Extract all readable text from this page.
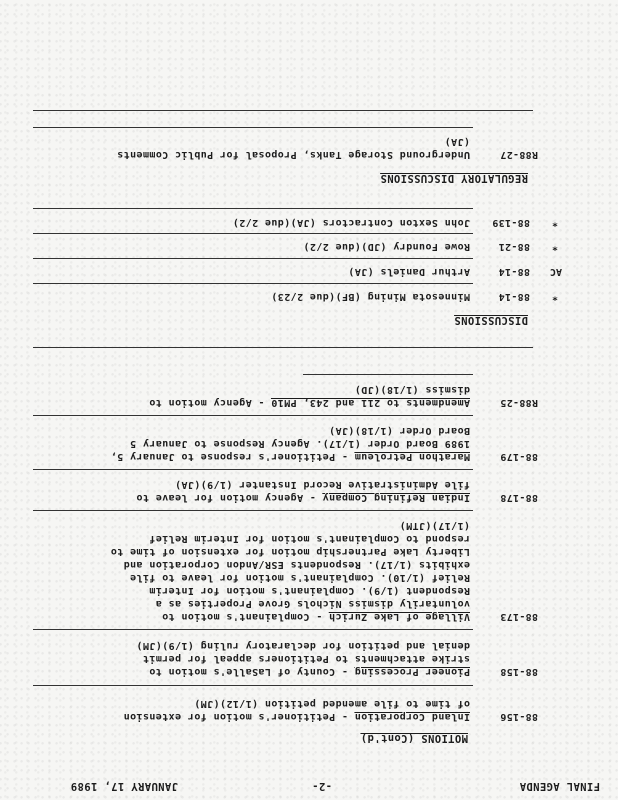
FINAL AGENDA
-2-
JANUARY 17, 1989
MOTIONS (Cont'd)
88-156
Inland Corporation - Petitioner's motion for extension
of time to file amended petition (1/12)(JM)
88-158
Pioneer Processing - County of LaSalle's motion to
strike attachments to Petitioners appeal for permit
denial and petition for declaratory ruling (1/9)(JM)
88-173
Village of Lake Zurich - Complainant's motion to
voluntarily dismiss Nichols Grove Properties as a
Respondent (1/9). Complainant's motion for Interim
Relief (1/10). Complainant's motion for leave to file
exhibits (1/17). Respondents ESR/Andon Corporation and
Liberty Lake Partnership motion for extension of time to
respond to Complainant's motion for Interim Relief
(1/17)(JTM)
88-178
Indian Refining Company - Agency motion for leave to
file Administrative Record Instanter (1/9)(JA)
88-179
Marathon Petroleum - Petitioner's response to January 5,
1989 Board Order (1/17). Agency Response to January 5
Board Order (1/18)(JA)
R88-25
Amendments to 211 and 243, PM10 - Agency motion to
dismiss (1/18)(JD)
DISCUSSIONS
*
88-14
Minnesota Mining (BF)(due 2/23)
AC
88-14
Arthur Daniels (JA)
*
88-21
Rowe Foundry (JD)(due 2/2)
*
88-139
John Sexton Contractors (JA)(due 2/2)
REGULATORY DISCUSSIONS
R88-27
Underground Storage Tanks, Proposal for Public Comments
(JA)
